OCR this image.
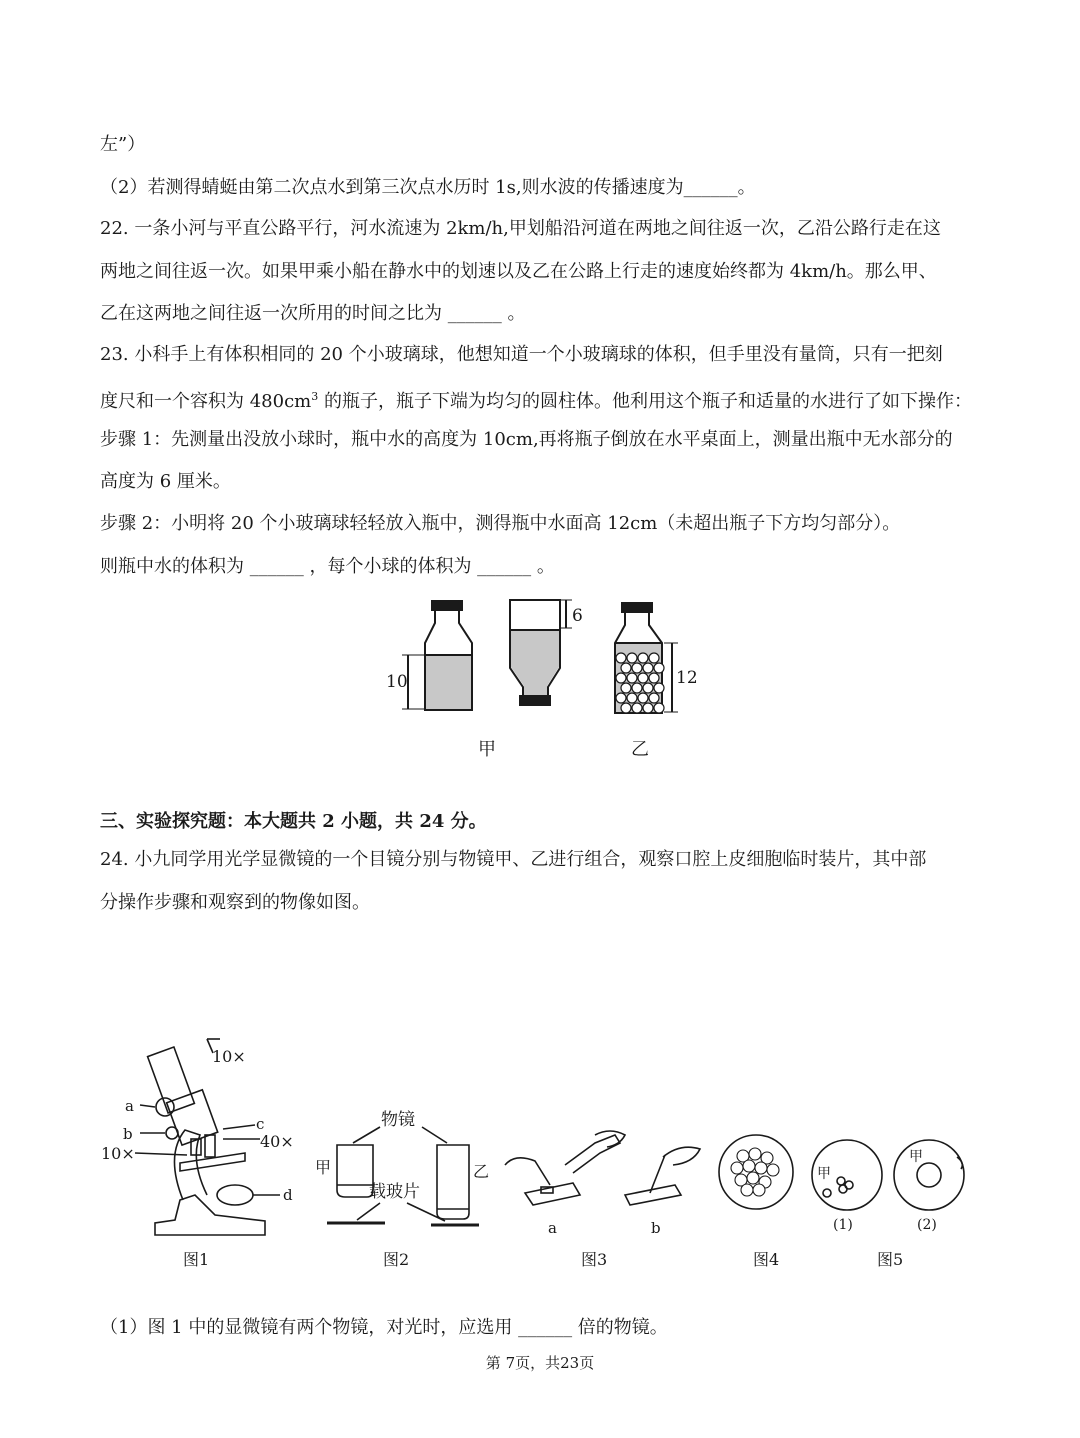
左”）
（2）若测得蜻蜓由第二次点水到第三次点水历时 1s,则水波的传播速度为______。
22. 一条小河与平直公路平行，河水流速为 2km/h,甲划船沿河道在两地之间往返一次，乙沿公路行走在这
两地之间往返一次。如果甲乘小船在静水中的划速以及乙在公路上行走的速度始终都为 4km/h。那么甲、
乙在这两地之间往返一次所用的时间之比为 ______ 。
23. 小科手上有体积相同的 20 个小玻璃球，他想知道一个小玻璃球的体积，但手里没有量筒，只有一把刻
度尺和一个容积为 $480cm^3$ 的瓶子，瓶子下端为均匀的圆柱体。他利用这个瓶子和适量的水进行了如下操作：
步骤 1：先测量出没放小球时，瓶中水的高度为 10cm,再将瓶子倒放在水平桌面上，测量出瓶中无水部分的
高度为 6 厘米。
步骤 2：小明将 20 个小玻璃球轻轻放入瓶中，测得瓶中水面高 12cm（未超出瓶子下方均匀部分）。
则瓶中水的体积为 ______ ，每个小球的体积为 ______ 。
10
6
12
甲	乙
三、实验探究题：本大题共 2 小题，共 24 分。
24. 小九同学用光学显微镜的一个目镜分别与物镜甲、乙进行组合，观察口腔上皮细胞临时装片，其中部
分操作步骤和观察到的物像如图。
10×
a
b
c
40×
10×
d
图1
物镜
甲	乙
载玻片
图2
a	b
图3	图4
甲
(1)
甲
(2)
图5
（1）图 1 中的显微镜有两个物镜，对光时，应选用 ______ 倍的物镜。
第 7页，共23页
